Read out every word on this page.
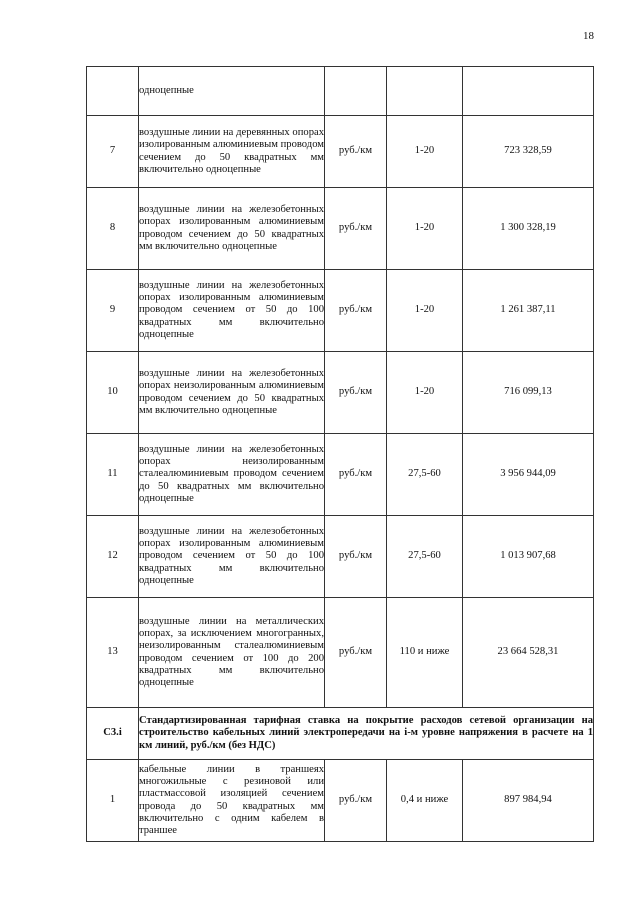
18
	одноцепные			
7	воздушные линии на деревянных опорах изолированным алюминиевым проводом сечением до 50 квадратных мм включительно одноцепные	руб./км	1-20	723 328,59
8	воздушные линии на железобетонных опорах изолированным алюминиевым проводом сечением до 50 квадратных мм включительно одноцепные	руб./км	1-20	1 300 328,19
9	воздушные линии на железобетонных опорах изолированным алюминиевым проводом сечением от 50 до 100 квадратных мм включительно одноцепные	руб./км	1-20	1 261 387,11
10	воздушные линии на железобетонных опорах неизолированным алюминиевым проводом сечением до 50 квадратных мм включительно одноцепные	руб./км	1-20	716 099,13
11	воздушные линии на железобетонных опорах неизолированным сталеалюминиевым проводом сечением до 50 квадратных мм включительно одноцепные	руб./км	27,5-60	3 956 944,09
12	воздушные линии на железобетонных опорах изолированным алюминиевым проводом сечением от 50 до 100 квадратных мм включительно одноцепные	руб./км	27,5-60	1 013 907,68
13	воздушные линии на металлических опорах, за исключением многогранных, неизолированным сталеалюминиевым проводом сечением от 100 до 200 квадратных мм включительно одноцепные	руб./км	110 и ниже	23 664 528,31
С3.i	Стандартизированная тарифная ставка на покрытие расходов сетевой организации на строительство кабельных линий электропередачи на i-м уровне напряжения в расчете на 1 км линий, руб./км (без НДС)			
1	кабельные линии в траншеях многожильные с резиновой или пластмассовой изоляцией сечением провода до 50 квадратных мм включительно с одним кабелем в траншее	руб./км	0,4 и ниже	897 984,94
